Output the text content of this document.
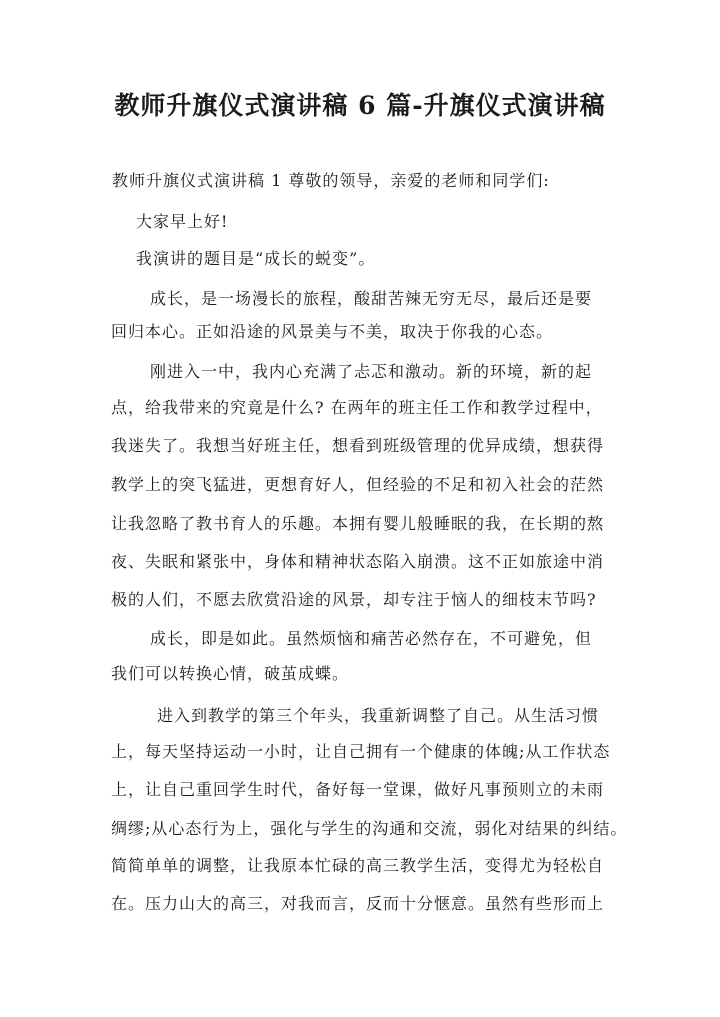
教师升旗仪式演讲稿 6 篇-升旗仪式演讲稿
教师升旗仪式演讲稿 1 尊敬的领导，亲爱的老师和同学们:
大家早上好!
我演讲的题目是“成长的蜕变”。
成长，是一场漫长的旅程，酸甜苦辣无穷无尽，最后还是要
回归本心。正如沿途的风景美与不美，取决于你我的心态。
刚进入一中，我内心充满了忐忑和激动。新的环境，新的起
点，给我带来的究竟是什么? 在两年的班主任工作和教学过程中，
我迷失了。我想当好班主任，想看到班级管理的优异成绩，想获得
教学上的突飞猛进，更想育好人，但经验的不足和初入社会的茫然
让我忽略了教书育人的乐趣。本拥有婴儿般睡眠的我，在长期的熬
夜、失眠和紧张中，身体和精神状态陷入崩溃。这不正如旅途中消
极的人们，不愿去欣赏沿途的风景，却专注于恼人的细枝末节吗?
成长，即是如此。虽然烦恼和痛苦必然存在，不可避免，但
我们可以转换心情，破茧成蝶。
进入到教学的第三个年头，我重新调整了自己。从生活习惯
上，每天坚持运动一小时，让自己拥有一个健康的体魄;从工作状态
上，让自己重回学生时代，备好每一堂课，做好凡事预则立的未雨
绸缪;从心态行为上，强化与学生的沟通和交流，弱化对结果的纠结。
简简单单的调整，让我原本忙碌的高三教学生活，变得尤为轻松自
在。压力山大的高三，对我而言，反而十分惬意。虽然有些形而上
